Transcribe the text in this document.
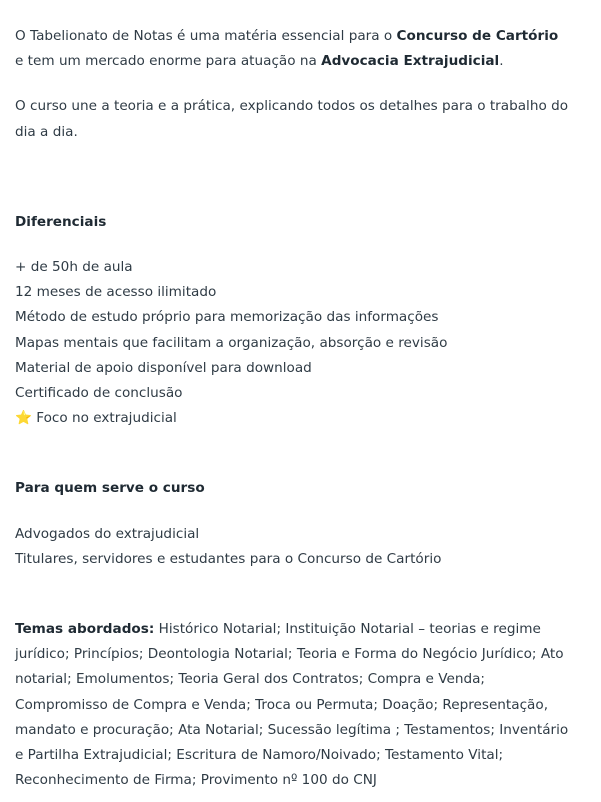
O Tabelionato de Notas é uma matéria essencial para o Concurso de Cartório e tem um mercado enorme para atuação na Advocacia Extrajudicial.

O curso une a teoria e a prática, explicando todos os detalhes para o trabalho do dia a dia.

Diferenciais

+ de 50h de aula

12 meses de acesso ilimitado

Método de estudo próprio para memorização das informações

Mapas mentais que facilitam a organização, absorção e revisão

Material de apoio disponível para download

Certificado de conclusão

⭐ Foco no extrajudicial

Para quem serve o curso

Advogados do extrajudicial

Titulares, servidores e estudantes para o Concurso de Cartório

Temas abordados: Histórico Notarial; Instituição Notarial – teorias e regime jurídico; Princípios; Deontologia Notarial; Teoria e Forma do Negócio Jurídico; Ato notarial; Emolumentos; Teoria Geral dos Contratos; Compra e Venda; Compromisso de Compra e Venda; Troca ou Permuta; Doação; Representação, mandato e procuração; Ata Notarial; Sucessão legítima ; Testamentos; Inventário e Partilha Extrajudicial; Escritura de Namoro/Noivado; Testamento Vital; Reconhecimento de Firma; Provimento nº 100 do CNJ
